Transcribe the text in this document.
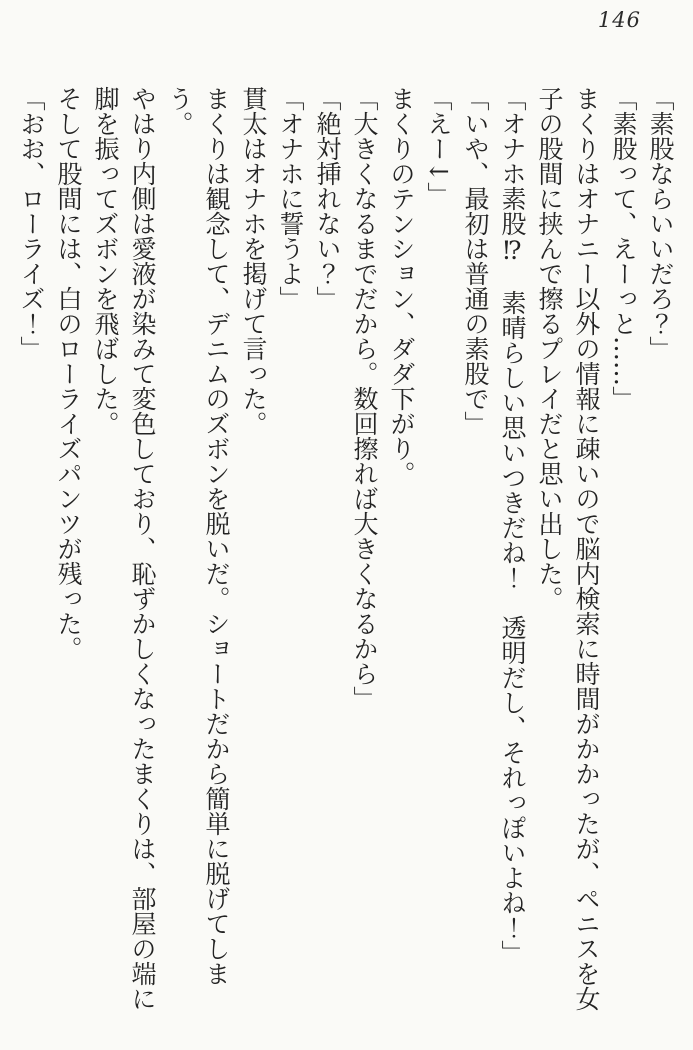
146

「素股ならいいだろ？」

「素股って、えーっと……」

まくりはオナニー以外の情報に疎いので脳内検索に時間がかかったが、ペニスを女子の股間に挟んで擦るプレイだと思い出した。

「オナホ素股⁉　素晴らしい思いつきだね！　透明だし、それっぽいよね！」

「いや、最初は普通の素股で」

「えー↓」

まくりのテンション、ダダ下がり。

「大きくなるまでだから。数回擦れば大きくなるから」

「絶対挿れない？」

「オナホに誓うよ」

貫太はオナホを掲げて言った。

まくりは観念して、デニムのズボンを脱いだ。ショートだから簡単に脱げてしまう。

やはり内側は愛液が染みて変色しており、恥ずかしくなったまくりは、部屋の端に脚を振ってズボンを飛ばした。

そして股間には、白のローライズパンツが残った。

「おお、ローライズ！」
